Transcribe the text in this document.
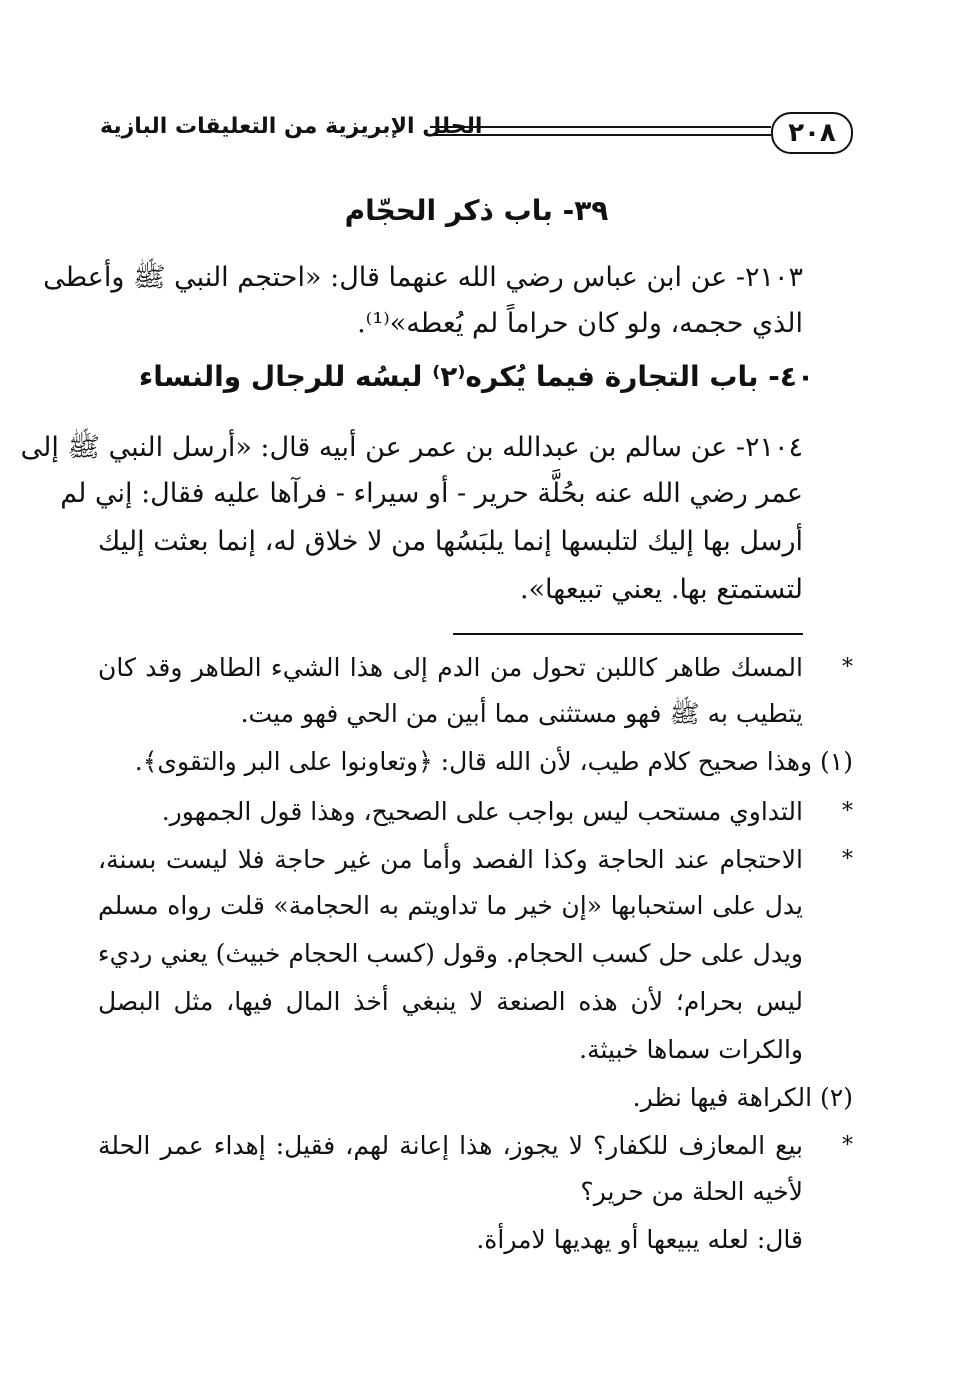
٢٠٨
الحلل الإبريزية من التعليقات البازية
٣٩- باب ذكر الحجّام
٢١٠٣- عن ابن عباس رضي الله عنهما قال: «احتجم النبي ﷺ وأعطى
الذي حجمه، ولو كان حراماً لم يُعطه»⁽¹⁾.
٤٠- باب التجارة فيما يُكره⁽٢⁾ لبسُه للرجال والنساء
٢١٠٤- عن سالم بن عبدالله بن عمر عن أبيه قال: «أرسل النبي ﷺ إلى
عمر رضي الله عنه بحُلَّة حرير - أو سيراء - فرآها عليه فقال: إني لم
أرسل بها إليك لتلبسها إنما يلبَسُها من لا خلاق له، إنما بعثت إليك
لتستمتع بها. يعني تبيعها».
*
المسك طاهر كاللبن تحول من الدم إلى هذا الشيء الطاهر وقد كان
يتطيب به ﷺ فهو مستثنى مما أبين من الحي فهو ميت.
(١) وهذا صحيح كلام طيب، لأن الله قال: ﴿وتعاونوا على البر والتقوى﴾.
*
التداوي مستحب ليس بواجب على الصحيح، وهذا قول الجمهور.
*
الاحتجام عند الحاجة وكذا الفصد وأما من غير حاجة فلا ليست بسنة،
يدل على استحبابها «إن خير ما تداويتم به الحجامة» قلت رواه مسلم
ويدل على حل كسب الحجام. وقول (كسب الحجام خبيث) يعني رديء
ليس بحرام؛ لأن هذه الصنعة لا ينبغي أخذ المال فيها، مثل البصل
والكرات سماها خبيثة.
(٢) الكراهة فيها نظر.
*
بيع المعازف للكفار؟ لا يجوز، هذا إعانة لهم، فقيل: إهداء عمر الحلة
لأخيه الحلة من حرير؟
قال: لعله يبيعها أو يهديها لامرأة.
